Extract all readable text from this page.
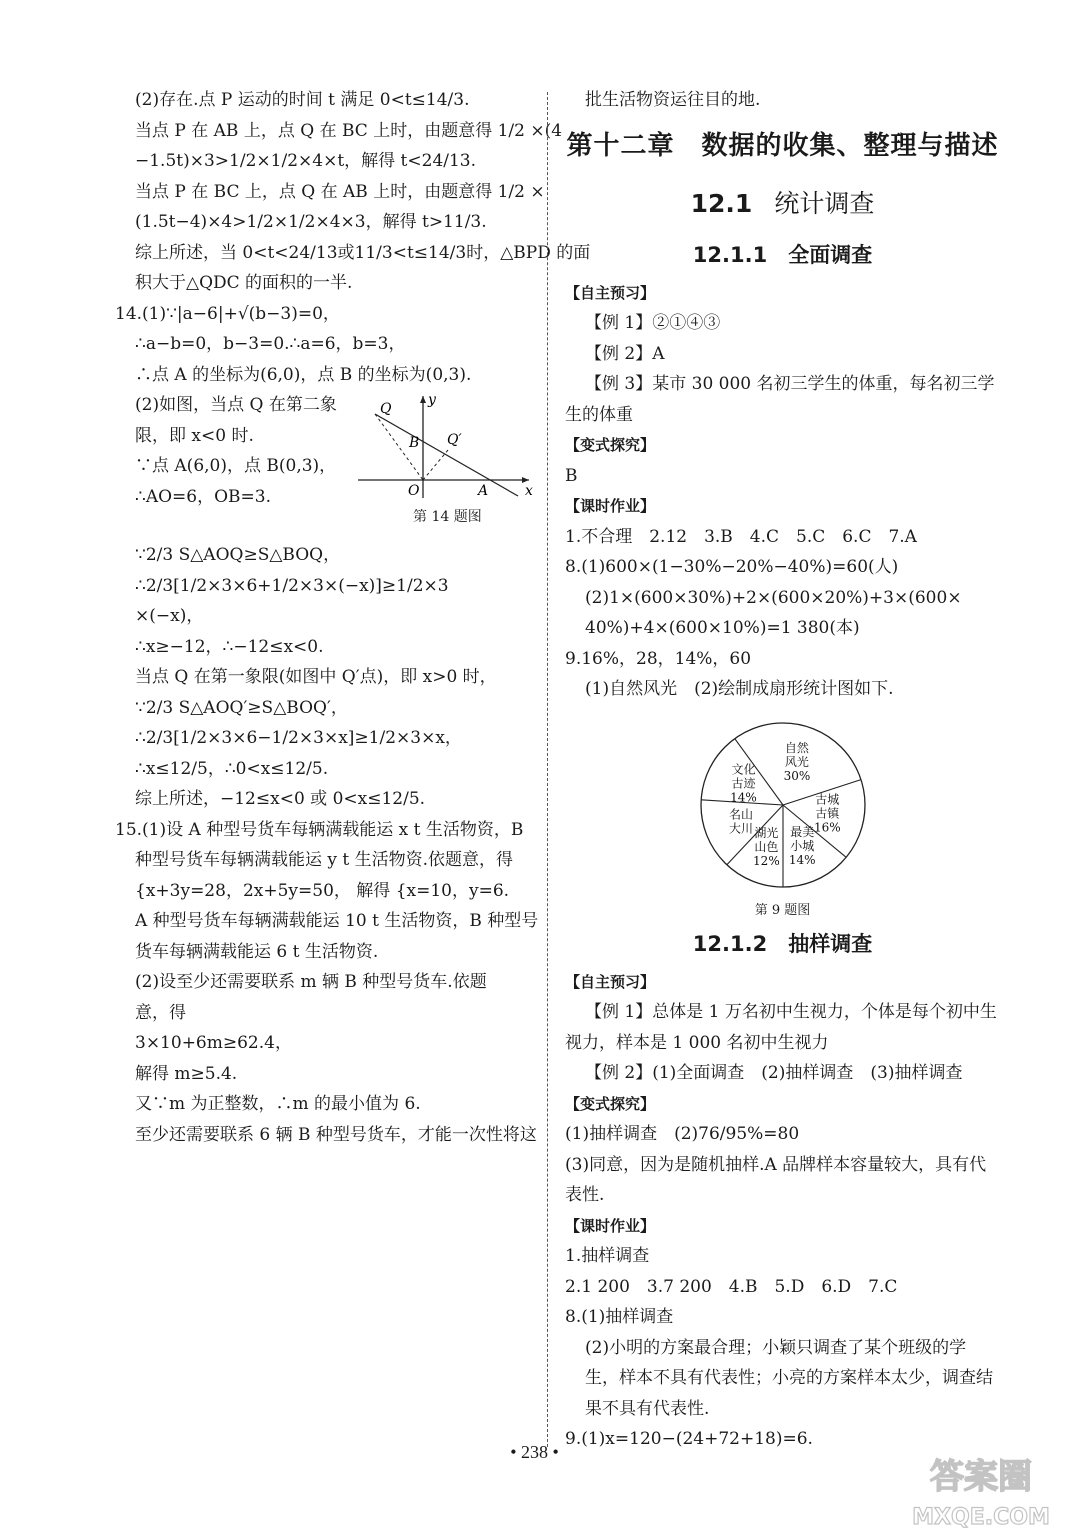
(2)存在.点 P 运动的时间 t 满足 0<t≤14/3.
当点 P 在 AB 上，点 Q 在 BC 上时，由题意得 1/2 ×(4
−1.5t)×3>1/2×1/2×4×t，解得 t<24/13.
当点 P 在 BC 上，点 Q 在 AB 上时，由题意得 1/2 ×
(1.5t−4)×4>1/2×1/2×4×3，解得 t>11/3.
综上所述，当 0<t<24/13或11/3<t≤14/3时，△BPD 的面
积大于△QDC 的面积的一半.
14.(1)∵|a−6|+√(b−3)=0，
∴a−b=0，b−3=0.∴a=6，b=3，
∴点 A 的坐标为(6,0)，点 B 的坐标为(0,3).
(2)如图，当点 Q 在第二象
限，即 x<0 时.
∵点 A(6,0)，点 B(0,3)，
∴AO=6，OB=3.
Q
y
B Q′
O	A	x
第 14 题图
∵2/3 S△AOQ≥S△BOQ，
∴2/3[1/2×3×6+1/2×3×(−x)]≥1/2×3
×(−x)，
∴x≥−12，∴−12≤x<0.
当点 Q 在第一象限(如图中 Q′点)，即 x>0 时，
∵2/3 S△AOQ′≥S△BOQ′，
∴2/3[1/2×3×6−1/2×3×x]≥1/2×3×x，
∴x≤12/5，∴0<x≤12/5.
综上所述，−12≤x<0 或 0<x≤12/5.
15.(1)设 A 种型号货车每辆满载能运 x t 生活物资，B
种型号货车每辆满载能运 y t 生活物资.依题意，得
{x+3y=28，2x+5y=50， 解得 {x=10，y=6.
A 种型号货车每辆满载能运 10 t 生活物资，B 种型号
货车每辆满载能运 6 t 生活物资.
(2)设至少还需要联系 m 辆 B 种型号货车.依题
意，得
3×10+6m≥62.4，
解得 m≥5.4.
又∵m 为正整数，∴m 的最小值为 6.
至少还需要联系 6 辆 B 种型号货车，才能一次性将这
批生活物资运往目的地.
第十二章　数据的收集、整理与描述
12.1 统计调查
12.1.1　全面调查
【自主预习】
【例 1】②①④③
【例 2】A
【例 3】某市 30 000 名初三学生的体重，每名初三学
生的体重
【变式探究】
B
【课时作业】
1.不合理　2.12　3.B　4.C　5.C　6.C　7.A
8.(1)600×(1−30%−20%−40%)=60(人)
(2)1×(600×30%)+2×(600×20%)+3×(600×
40%)+4×(600×10%)=1 380(本)
9.16%，28，14%，60
(1)自然风光　(2)绘制成扇形统计图如下.
自然风光 30%
古城古镇 16%
最美小城 14%
湖光山色 12%
名山大川
文化古迹 14%
第 9 题图
12.1.2　抽样调查
【自主预习】
【例 1】总体是 1 万名初中生视力，个体是每个初中生
视力，样本是 1 000 名初中生视力
【例 2】(1)全面调查　(2)抽样调查　(3)抽样调查
【变式探究】
(1)抽样调查　(2)76/95%=80
(3)同意，因为是随机抽样.A 品牌样本容量较大，具有代
表性.
【课时作业】
1.抽样调查
2.1 200　3.7 200　4.B　5.D　6.D　7.C
8.(1)抽样调查
(2)小明的方案最合理；小颖只调查了某个班级的学
生，样本不具有代表性；小亮的方案样本太少，调查结
果不具有代表性.
9.(1)x=120−(24+72+18)=6.
• 238 •
答案圈
MXQE.COM
